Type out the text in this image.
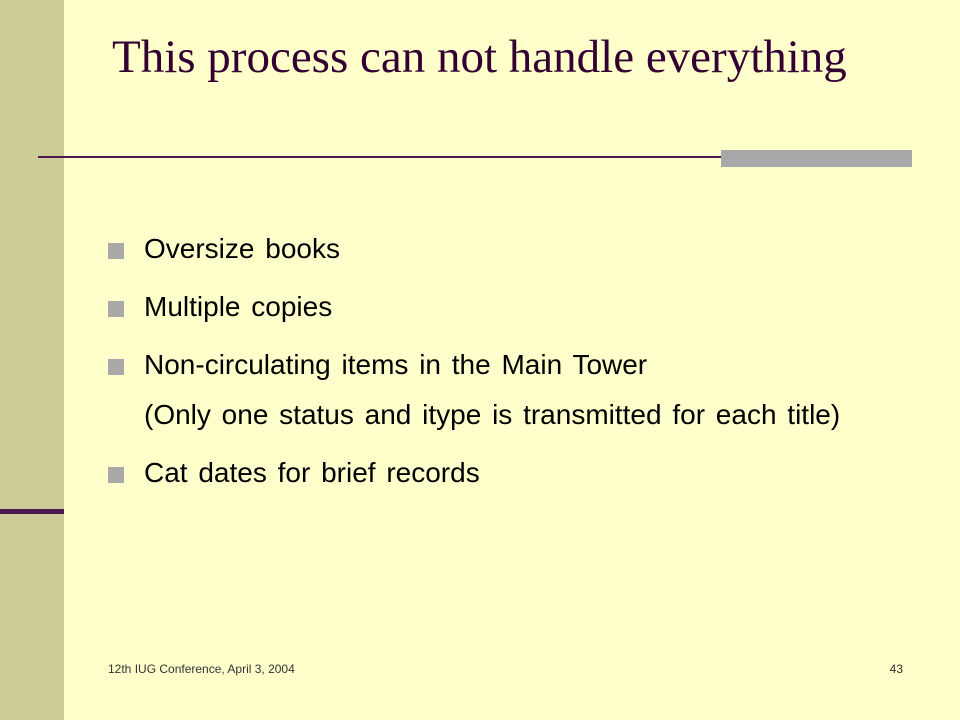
This process can not handle everything
Oversize books
Multiple copies
Non-circulating items in the Main Tower
(Only one status and itype is transmitted for each title)
Cat dates for brief records
12th IUG Conference, April 3, 2004	43
